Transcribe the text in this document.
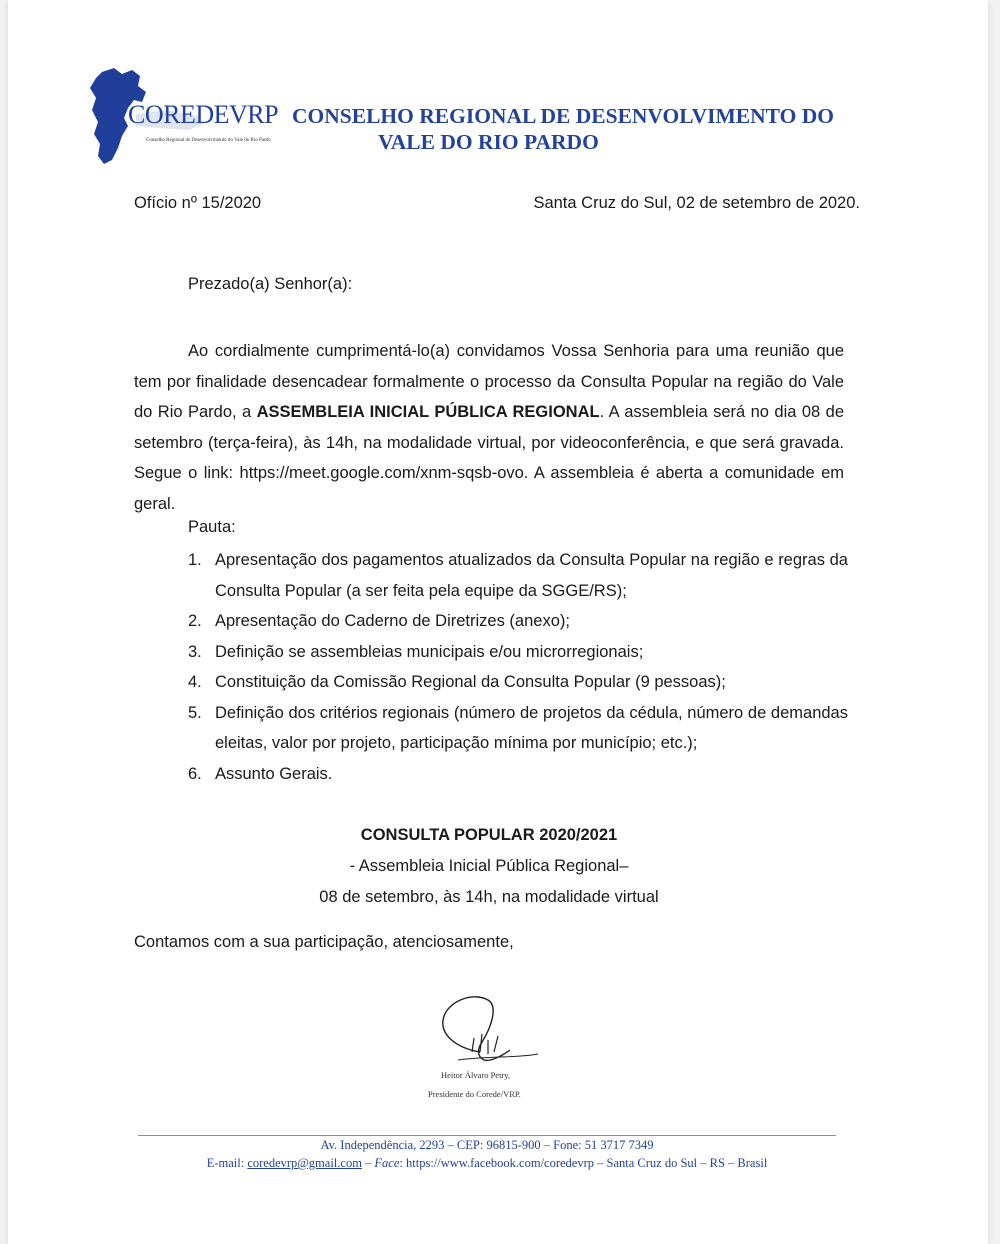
COREDEVRP
Conselho Regional de Desenvolvimento do Vale do Rio Pardo
CONSELHO REGIONAL DE DESENVOLVIMENTO DO
VALE DO RIO PARDO
Ofício nº 15/2020	Santa Cruz do Sul, 02 de setembro de 2020.
Prezado(a) Senhor(a):
Ao cordialmente cumprimentá-lo(a) convidamos Vossa Senhoria para uma reunião que tem por finalidade desencadear formalmente o processo da Consulta Popular na região do Vale do Rio Pardo, a ASSEMBLEIA INICIAL PÚBLICA REGIONAL. A assembleia será no dia 08 de setembro (terça-feira), às 14h, na modalidade virtual, por videoconferência, e que será gravada. Segue o link: https://meet.google.com/xnm-sqsb-ovo. A assembleia é aberta a comunidade em geral.
Pauta:
1. Apresentação dos pagamentos atualizados da Consulta Popular na região e regras da Consulta Popular (a ser feita pela equipe da SGGE/RS);
2. Apresentação do Caderno de Diretrizes (anexo);
3. Definição se assembleias municipais e/ou microrregionais;
4. Constituição da Comissão Regional da Consulta Popular (9 pessoas);
5. Definição dos critérios regionais (número de projetos da cédula, número de demandas eleitas, valor por projeto, participação mínima por município; etc.);
6. Assunto Gerais.
CONSULTA POPULAR 2020/2021
- Assembleia Inicial Pública Regional–
08 de setembro, às 14h, na modalidade virtual
Contamos com a sua participação, atenciosamente,
Heitor Álvaro Petry,
Presidente do Corede/VRP.
Av. Independência, 2293 – CEP: 96815-900 – Fone: 51 3717 7349
E-mail: coredevrp@gmail.com – Face: https://www.facebook.com/coredevrp – Santa Cruz do Sul – RS – Brasil
